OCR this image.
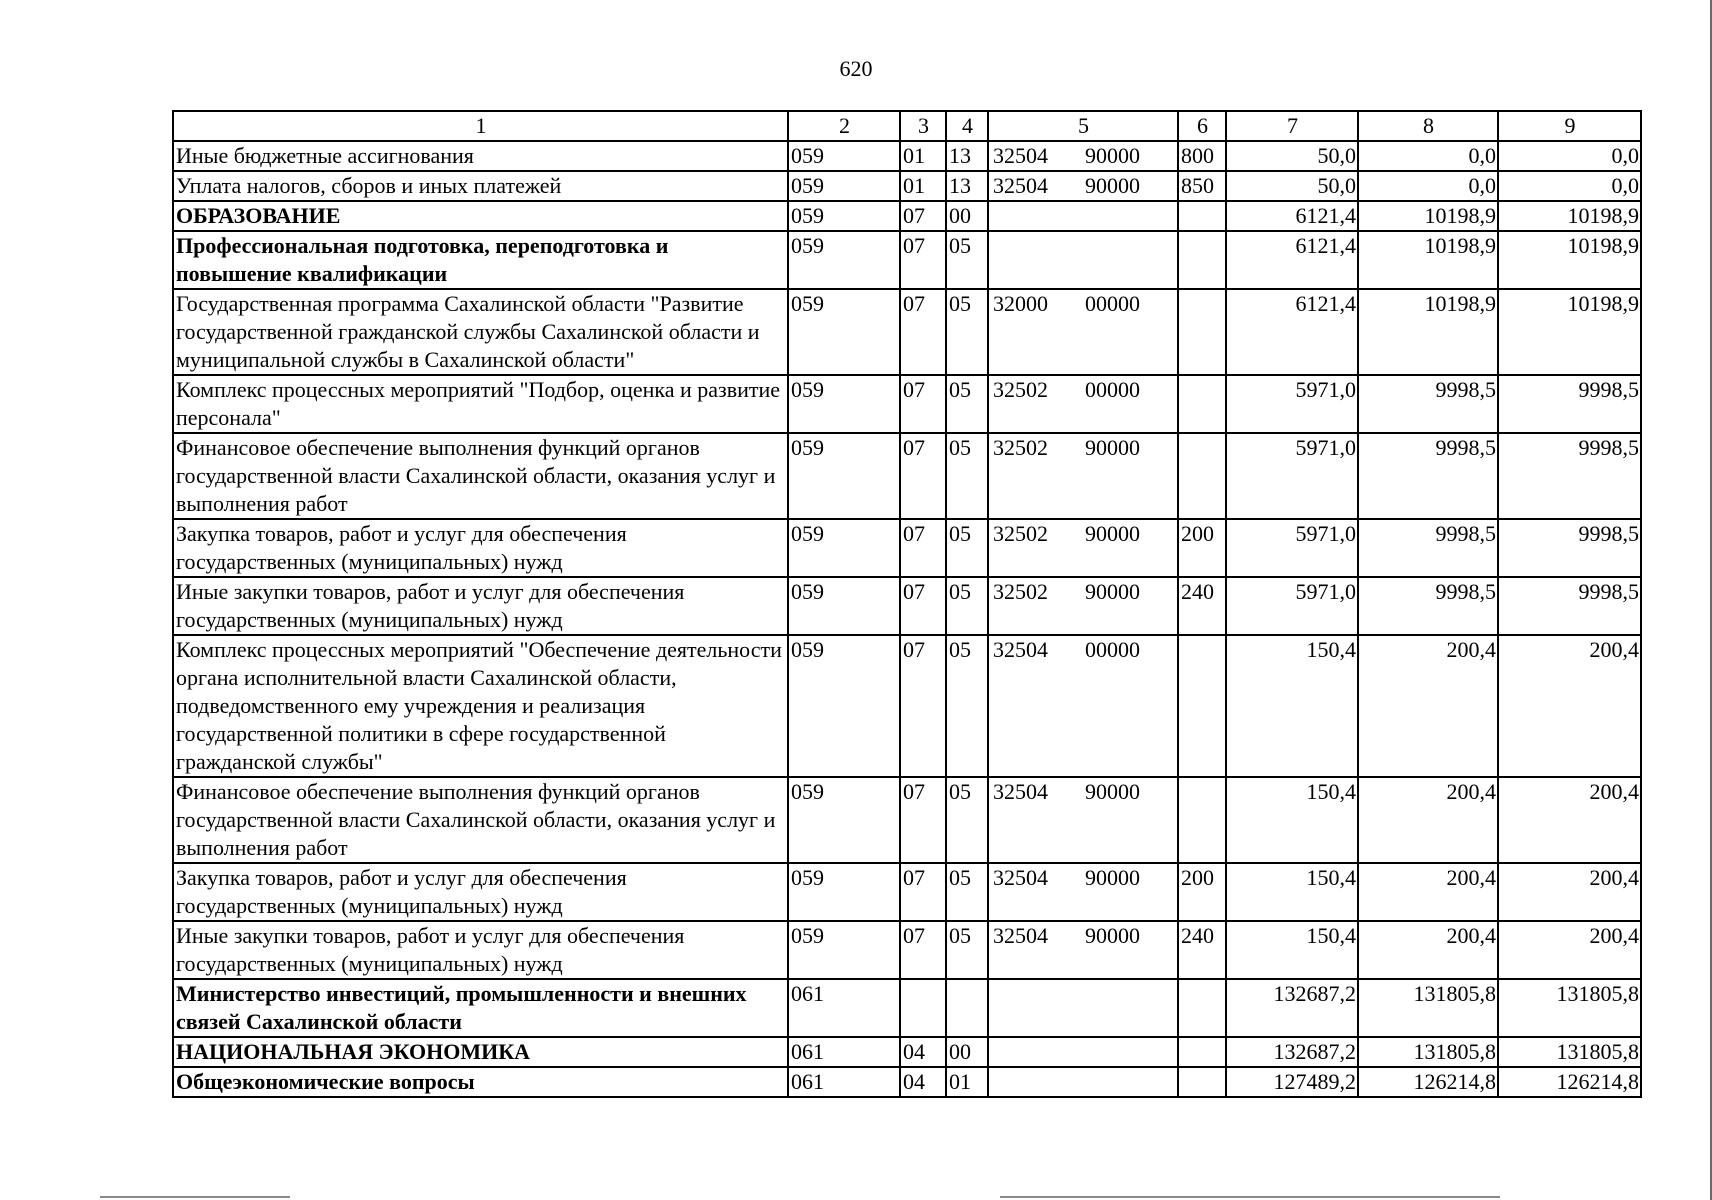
620
1	2	3	4	5	6	7	8	9
Иные бюджетные ассигнования	059	01	13	32504 90000	800	50,0	0,0	0,0
Уплата налогов, сборов и иных платежей	059	01	13	32504 90000	850	50,0	0,0	0,0
ОБРАЗОВАНИЕ	059	07	00			6121,4	10198,9	10198,9
Профессиональная подготовка, переподготовка и повышение квалификации	059	07	05			6121,4	10198,9	10198,9
Государственная программа Сахалинской области "Развитие государственной гражданской службы Сахалинской области и муниципальной службы в Сахалинской области"	059	07	05	32000 00000		6121,4	10198,9	10198,9
Комплекс процессных мероприятий "Подбор, оценка и развитие персонала"	059	07	05	32502 00000		5971,0	9998,5	9998,5
Финансовое обеспечение выполнения функций органов государственной власти Сахалинской области, оказания услуг и выполнения работ	059	07	05	32502 90000		5971,0	9998,5	9998,5
Закупка товаров, работ и услуг для обеспечения государственных (муниципальных) нужд	059	07	05	32502 90000	200	5971,0	9998,5	9998,5
Иные закупки товаров, работ и услуг для обеспечения государственных (муниципальных) нужд	059	07	05	32502 90000	240	5971,0	9998,5	9998,5
Комплекс процессных мероприятий "Обеспечение деятельности органа исполнительной власти Сахалинской области, подведомственного ему учреждения и реализация государственной политики в сфере государственной гражданской службы"	059	07	05	32504 00000		150,4	200,4	200,4
Финансовое обеспечение выполнения функций органов государственной власти Сахалинской области, оказания услуг и выполнения работ	059	07	05	32504 90000		150,4	200,4	200,4
Закупка товаров, работ и услуг для обеспечения государственных (муниципальных) нужд	059	07	05	32504 90000	200	150,4	200,4	200,4
Иные закупки товаров, работ и услуг для обеспечения государственных (муниципальных) нужд	059	07	05	32504 90000	240	150,4	200,4	200,4
Министерство инвестиций, промышленности и внешних связей Сахалинской области	061					132687,2	131805,8	131805,8
НАЦИОНАЛЬНАЯ ЭКОНОМИКА	061	04	00			132687,2	131805,8	131805,8
Общеэкономические вопросы	061	04	01			127489,2	126214,8	126214,8
